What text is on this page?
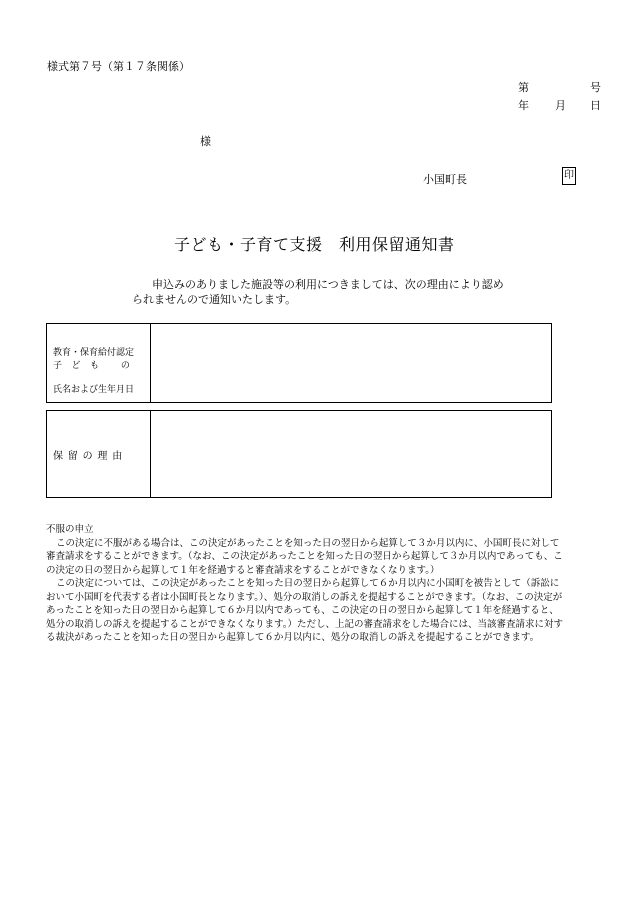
様式第７号（第１７条関係）
第	号
年 月 日
様
小国町長	印
子ども・子育て支援　利用保留通知書
申込みのありました施設等の利用につきましては、次の理由により認められませんので通知いたします。
教育・保育給付認定
子ども の
氏名および生年月日
保留の理由

不服の申立

この決定に不服がある場合は、この決定があったことを知った日の翌日から起算して３か月以内に、小国町長に対して審査請求をすることができます。（なお、この決定があったことを知った日の翌日から起算して３か月以内であっても、この決定の日の翌日から起算して１年を経過すると審査請求をすることができなくなります。）

この決定については、この決定があったことを知った日の翌日から起算して６か月以内に小国町を被告として（訴訟において小国町を代表する者は小国町長となります。）、処分の取消しの訴えを提起することができます。（なお、この決定があったことを知った日の翌日から起算して６か月以内であっても、この決定の日の翌日から起算して１年を経過すると、処分の取消しの訴えを提起することができなくなります。）ただし、上記の審査請求をした場合には、当該審査請求に対する裁決があったことを知った日の翌日から起算して６か月以内に、処分の取消しの訴えを提起することができます。
